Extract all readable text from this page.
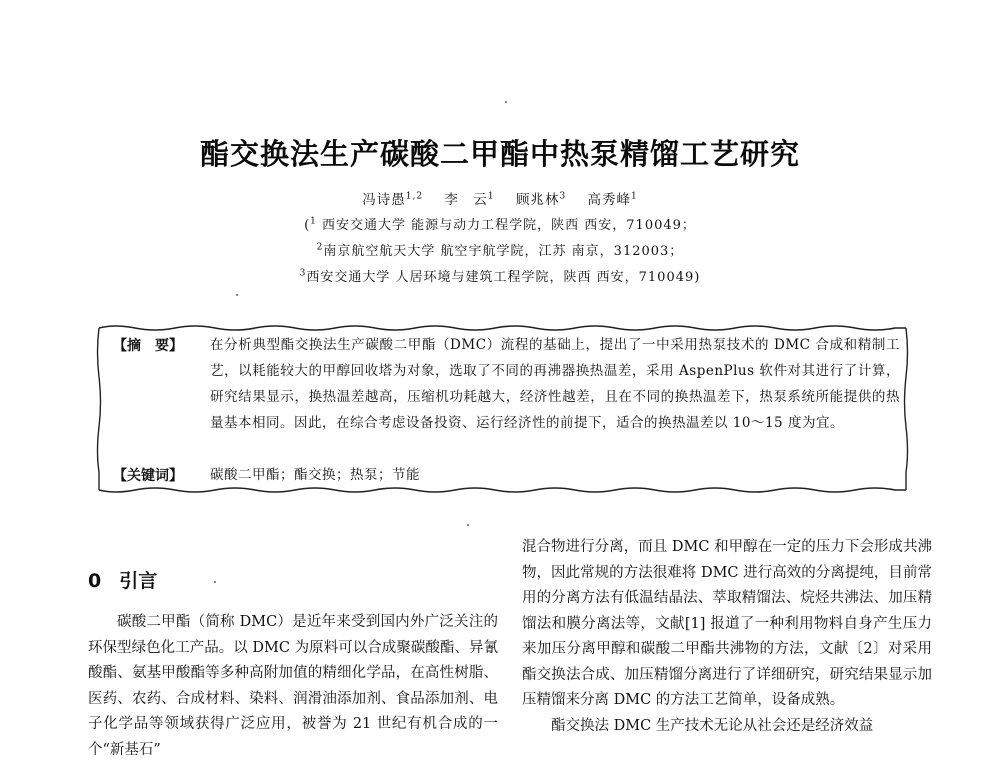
酯交换法生产碳酸二甲酯中热泵精馏工艺研究
冯诗愚$^{1,2}$ 李　云$^1$ 顾兆林$^3$ 高秀峰$^1$
($^1$ 西安交通大学 能源与动力工程学院，陕西 西安，710049；
$^2$南京航空航天大学 航空宇航学院，江苏 南京，312003；
$^3$西安交通大学 人居环境与建筑工程学院，陕西 西安，710049)
【摘　要】 在分析典型酯交换法生产碳酸二甲酯（DMC）流程的基础上，提出了一中采用热泵技术的 DMC 合成和精制工艺，以耗能较大的甲醇回收塔为对象，选取了不同的再沸器换热温差，采用 AspenPlus 软件对其进行了计算，研究结果显示，换热温差越高，压缩机功耗越大，经济性越差，且在不同的换热温差下，热泵系统所能提供的热量基本相同。因此，在综合考虑设备投资、运行经济性的前提下，适合的换热温差以 10～15 度为宜。
【关键词】 碳酸二甲酯；酯交换；热泵；节能
0 引言
碳酸二甲酯（简称 DMC）是近年来受到国内外广泛关注的环保型绿色化工产品。以 DMC 为原料可以合成聚碳酸酯、异氰酸酯、氨基甲酸酯等多种高附加值的精细化学品，在高性树脂、医药、农药、合成材料、染料、润滑油添加剂、食品添加剂、电子化学品等领域获得广泛应用，被誉为 21 世纪有机合成的一个“新基石”
混合物进行分离，而且 DMC 和甲醇在一定的压力下会形成共沸物，因此常规的方法很难将 DMC 进行高效的分离提纯，目前常用的分离方法有低温结晶法、萃取精馏法、烷烃共沸法、加压精馏法和膜分离法等，文献[1] 报道了一种利用物料自身产生压力来加压分离甲醇和碳酸二甲酯共沸物的方法，文献〔2〕对采用酯交换法合成、加压精馏分离进行了详细研究，研究结果显示加压精馏来分离 DMC 的方法工艺简单，设备成熟。
酯交换法 DMC 生产技术无论从社会还是经济效益
